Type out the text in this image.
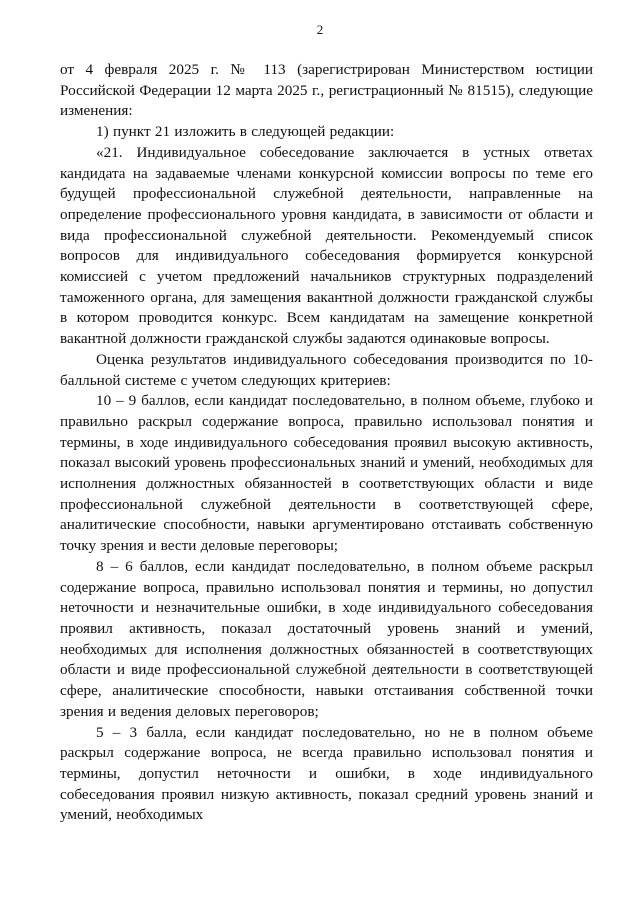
2

от 4 февраля 2025 г. № 113 (зарегистрирован Министерством юстиции Российской Федерации 12 марта 2025 г., регистрационный № 81515), следующие изменения:

1) пункт 21 изложить в следующей редакции:

«21. Индивидуальное собеседование заключается в устных ответах кандидата на задаваемые членами конкурсной комиссии вопросы по теме его будущей профессиональной служебной деятельности, направленные на определение профессионального уровня кандидата, в зависимости от области и вида профессиональной служебной деятельности. Рекомендуемый список вопросов для индивидуального собеседования формируется конкурсной комиссией с учетом предложений начальников структурных подразделений таможенного органа, для замещения вакантной должности гражданской службы в котором проводится конкурс. Всем кандидатам на замещение конкретной вакантной должности гражданской службы задаются одинаковые вопросы.

Оценка результатов индивидуального собеседования производится по 10-балльной системе с учетом следующих критериев:

10 – 9 баллов, если кандидат последовательно, в полном объеме, глубоко и правильно раскрыл содержание вопроса, правильно использовал понятия и термины, в ходе индивидуального собеседования проявил высокую активность, показал высокий уровень профессиональных знаний и умений, необходимых для исполнения должностных обязанностей в соответствующих области и виде профессиональной служебной деятельности в соответствующей сфере, аналитические способности, навыки аргументировано отстаивать собственную точку зрения и вести деловые переговоры;

8 – 6 баллов, если кандидат последовательно, в полном объеме раскрыл содержание вопроса, правильно использовал понятия и термины, но допустил неточности и незначительные ошибки, в ходе индивидуального собеседования проявил активность, показал достаточный уровень знаний и умений, необходимых для исполнения должностных обязанностей в соответствующих области и виде профессиональной служебной деятельности в соответствующей сфере, аналитические способности, навыки отстаивания собственной точки зрения и ведения деловых переговоров;

5 – 3 балла, если кандидат последовательно, но не в полном объеме раскрыл содержание вопроса, не всегда правильно использовал понятия и термины, допустил неточности и ошибки, в ходе индивидуального собеседования проявил низкую активность, показал средний уровень знаний и умений, необходимых
